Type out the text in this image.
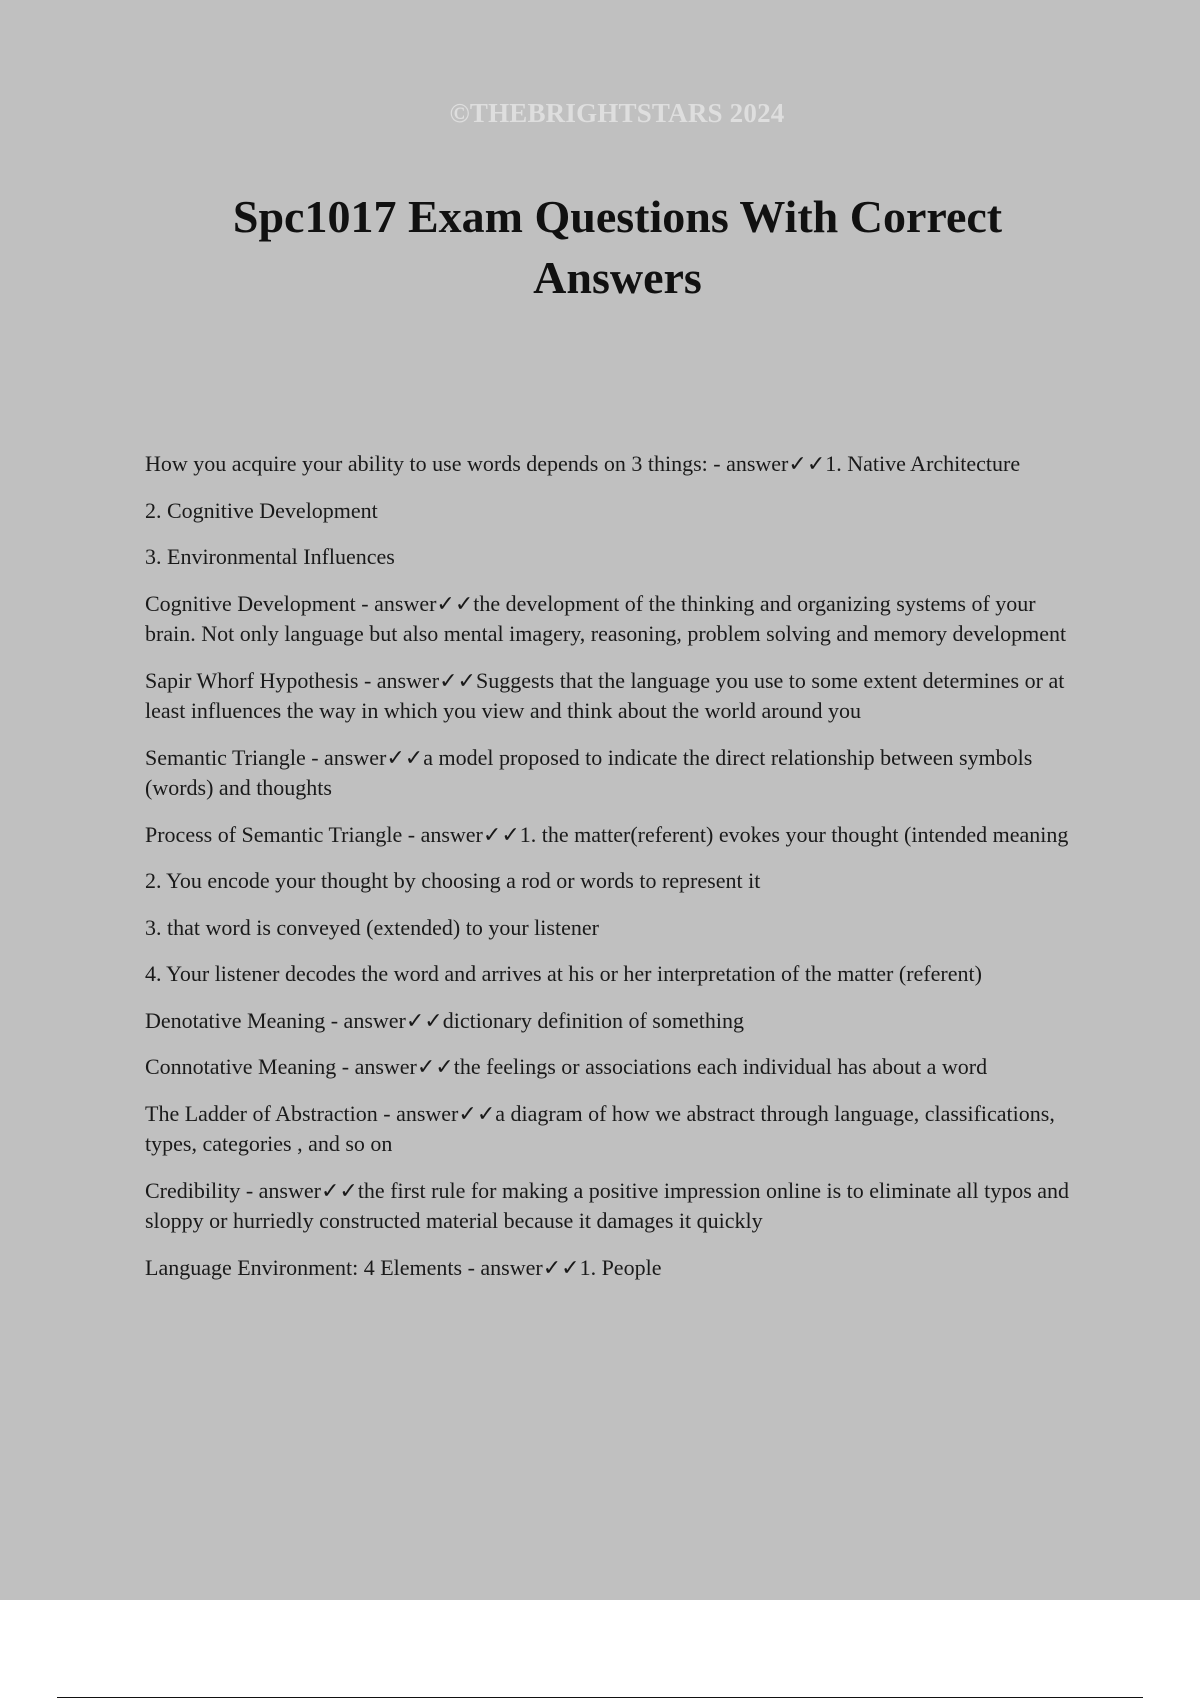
©THEBRIGHTSTARS 2024
Spc1017 Exam Questions With Correct Answers

How you acquire your ability to use words depends on 3 things: - answer✓✓1. Native Architecture

2. Cognitive Development

3. Environmental Influences

Cognitive Development - answer✓✓the development of the thinking and organizing systems of your brain. Not only language but also mental imagery, reasoning, problem solving and memory development

Sapir Whorf Hypothesis - answer✓✓Suggests that the language you use to some extent determines or at least influences the way in which you view and think about the world around you

Semantic Triangle - answer✓✓a model proposed to indicate the direct relationship between symbols (words) and thoughts

Process of Semantic Triangle - answer✓✓1. the matter(referent) evokes your thought (intended meaning

2. You encode your thought by choosing a rod or words to represent it

3. that word is conveyed (extended) to your listener

4. Your listener decodes the word and arrives at his or her interpretation of the matter (referent)

Denotative Meaning - answer✓✓dictionary definition of something

Connotative Meaning - answer✓✓the feelings or associations each individual has about a word

The Ladder of Abstraction - answer✓✓a diagram of how we abstract through language, classifications, types, categories , and so on

Credibility - answer✓✓the first rule for making a positive impression online is to eliminate all typos and sloppy or hurriedly constructed material because it damages it quickly

Language Environment: 4 Elements - answer✓✓1. People
